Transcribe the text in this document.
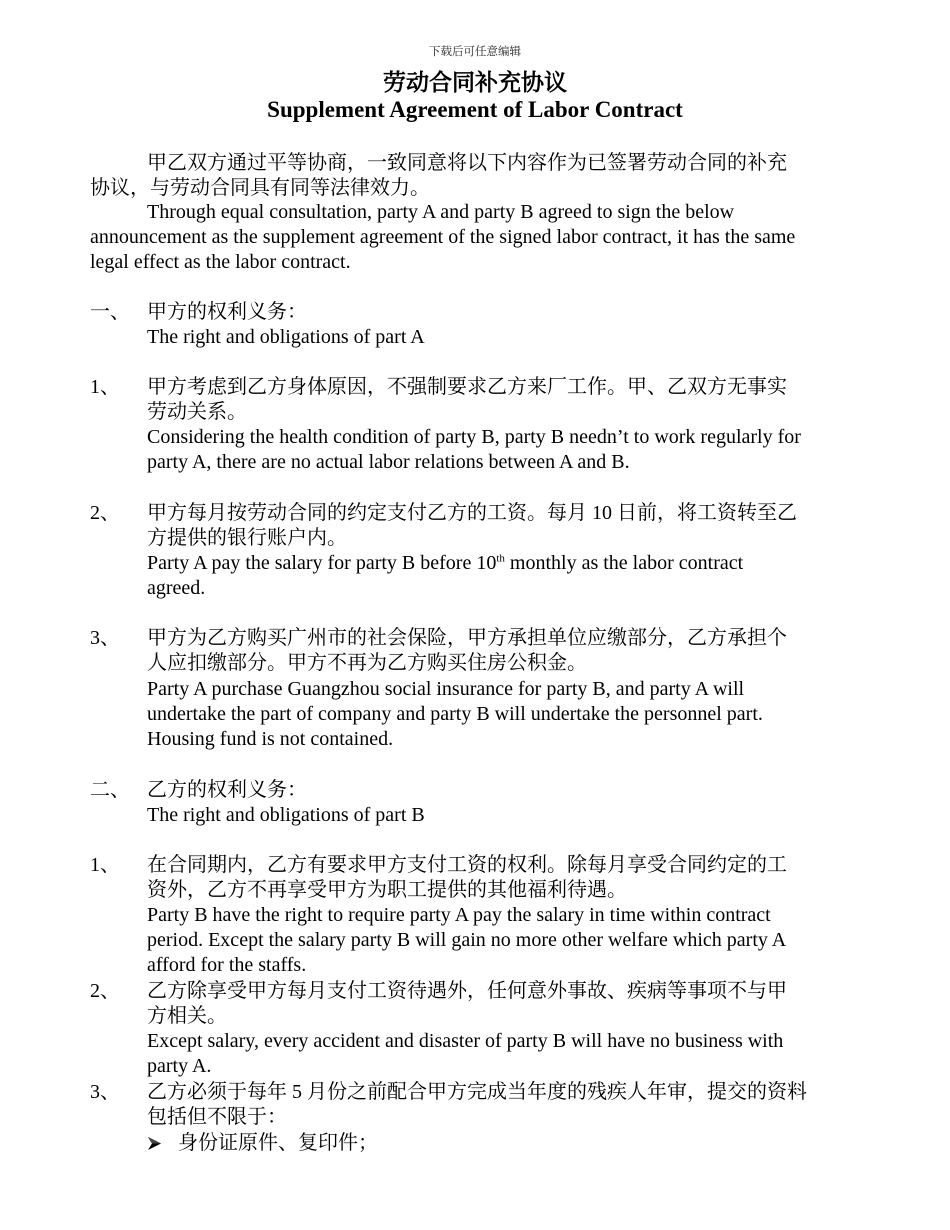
下载后可任意编辑
劳动合同补充协议
Supplement Agreement of Labor Contract
甲乙双方通过平等协商，一致同意将以下内容作为已签署劳动合同的补充
协议，与劳动合同具有同等法律效力。
Through equal consultation, party A and party B agreed to sign the below
announcement as the supplement agreement of the signed labor contract, it has the same
legal effect as the labor contract.
一、 甲方的权利义务：
The right and obligations of part A
1、 甲方考虑到乙方身体原因，不强制要求乙方来厂工作。甲、乙双方无事实
劳动关系。
Considering the health condition of party B, party B needn’t to work regularly for
party A, there are no actual labor relations between A and B.
2、 甲方每月按劳动合同的约定支付乙方的工资。每月 10 日前，将工资转至乙
方提供的银行账户内。
Party A pay the salary for party B before 10th monthly as the labor contract
agreed.
3、 甲方为乙方购买广州市的社会保险，甲方承担单位应缴部分，乙方承担个
人应扣缴部分。甲方不再为乙方购买住房公积金。
Party A purchase Guangzhou social insurance for party B, and party A will
undertake the part of company and party B will undertake the personnel part.
Housing fund is not contained.
二、 乙方的权利义务：
The right and obligations of part B
1、 在合同期内，乙方有要求甲方支付工资的权利。除每月享受合同约定的工
资外，乙方不再享受甲方为职工提供的其他福利待遇。
Party B have the right to require party A pay the salary in time within contract
period. Except the salary party B will gain no more other welfare which party A
afford for the staffs.
2、 乙方除享受甲方每月支付工资待遇外，任何意外事故、疾病等事项不与甲
方相关。
Except salary, every accident and disaster of party B will have no business with
party A.
3、 乙方必须于每年 5 月份之前配合甲方完成当年度的残疾人年审，提交的资料
包括但不限于：
身份证原件、复印件；
